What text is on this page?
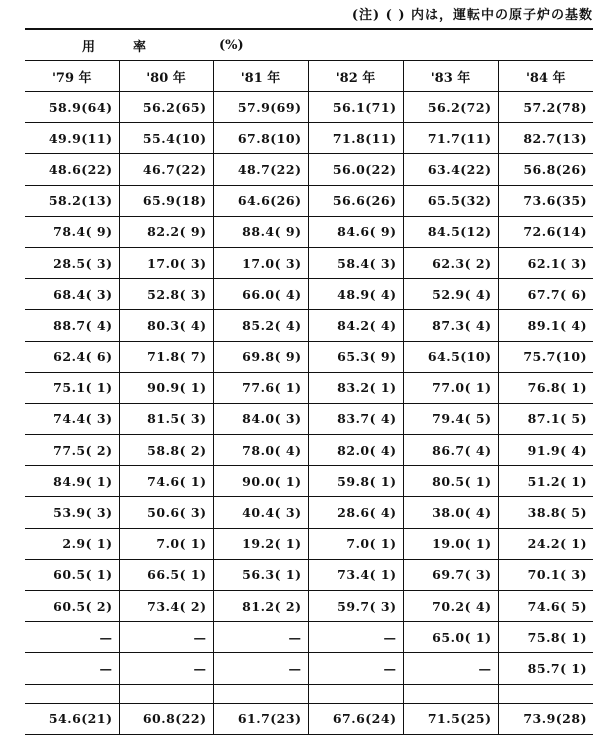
(注) ( ) 内は，運転中の原子炉の基数
用	率	(%)			
'79 年	'80 年	'81 年	'82 年	'83 年	'84 年
58.9(64)	56.2(65)	57.9(69)	56.1(71)	56.2(72)	57.2(78)
49.9(11)	55.4(10)	67.8(10)	71.8(11)	71.7(11)	82.7(13)
48.6(22)	46.7(22)	48.7(22)	56.0(22)	63.4(22)	56.8(26)
58.2(13)	65.9(18)	64.6(26)	56.6(26)	65.5(32)	73.6(35)
78.4( 9)	82.2( 9)	88.4( 9)	84.6( 9)	84.5(12)	72.6(14)
28.5( 3)	17.0( 3)	17.0( 3)	58.4( 3)	62.3( 2)	62.1( 3)
68.4( 3)	52.8( 3)	66.0( 4)	48.9( 4)	52.9( 4)	67.7( 6)
88.7( 4)	80.3( 4)	85.2( 4)	84.2( 4)	87.3( 4)	89.1( 4)
62.4( 6)	71.8( 7)	69.8( 9)	65.3( 9)	64.5(10)	75.7(10)
75.1( 1)	90.9( 1)	77.6( 1)	83.2( 1)	77.0( 1)	76.8( 1)
74.4( 3)	81.5( 3)	84.0( 3)	83.7( 4)	79.4( 5)	87.1( 5)
77.5( 2)	58.8( 2)	78.0( 4)	82.0( 4)	86.7( 4)	91.9( 4)
84.9( 1)	74.6( 1)	90.0( 1)	59.8( 1)	80.5( 1)	51.2( 1)
53.9( 3)	50.6( 3)	40.4( 3)	28.6( 4)	38.0( 4)	38.8( 5)
2.9( 1)	7.0( 1)	19.2( 1)	7.0( 1)	19.0( 1)	24.2( 1)
60.5( 1)	66.5( 1)	56.3( 1)	73.4( 1)	69.7( 3)	70.1( 3)
60.5( 2)	73.4( 2)	81.2( 2)	59.7( 3)	70.2( 4)	74.6( 5)
—	—	—	—	65.0( 1)	75.8( 1)
—	—	—	—	—	85.7( 1)

54.6(21)	60.8(22)	61.7(23)	67.6(24)	71.5(25)	73.9(28)
